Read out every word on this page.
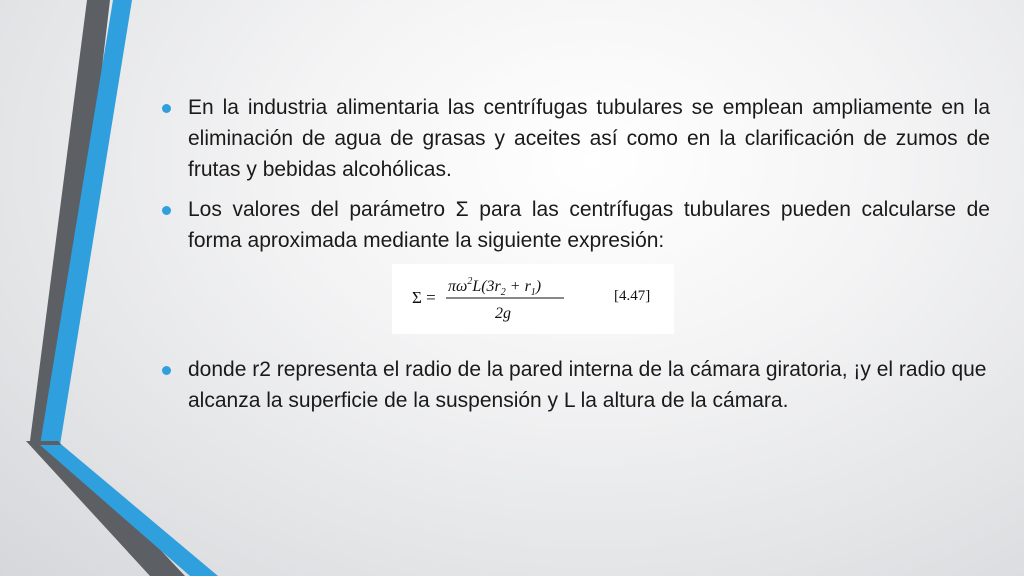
En la industria alimentaria las centrífugas tubulares se emplean ampliamente en la eliminación de agua de grasas y aceites así como en la clarificación de zumos de frutas y bebidas alcohólicas.
Los valores del parámetro Σ para las centrífugas tubulares pueden calcularse de forma aproximada mediante la siguiente expresión:
Σ =
$\pi\omega^2L(3r_2 + r_1)$
2g
[4.47]
donde r2 representa el radio de la pared interna de la cámara giratoria, ¡y el radio que alcanza la superficie de la suspensión y L la altura de la cámara.
